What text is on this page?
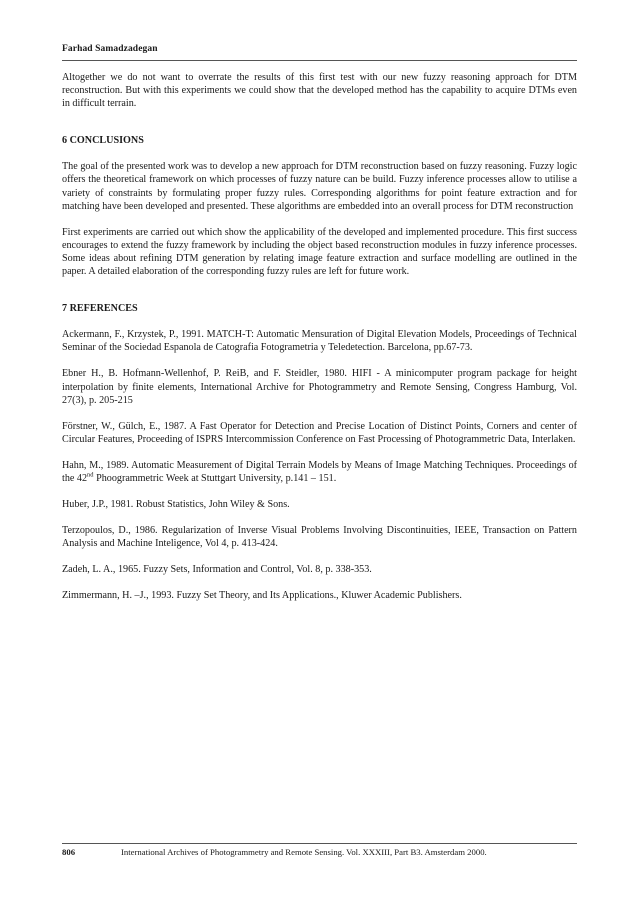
Farhad Samadzadegan

Altogether we do not want to overrate the results of this first test with our new fuzzy reasoning approach for DTM reconstruction. But with this experiments we could show that the developed method has the capability to acquire DTMs even in difficult terrain.

6 CONCLUSIONS

The goal of the presented work was to develop a new approach for DTM reconstruction based on fuzzy reasoning. Fuzzy logic offers the theoretical framework on which processes of fuzzy nature can be build. Fuzzy inference processes allow to utilise a variety of constraints by formulating proper fuzzy rules. Corresponding algorithms for point feature extraction and for matching have been developed and presented. These algorithms are embedded into an overall process for DTM reconstruction

First experiments are carried out which show the applicability of the developed and implemented procedure. This first success encourages to extend the fuzzy framework by including the object based reconstruction modules in fuzzy inference processes. Some ideas about refining DTM generation by relating image feature extraction and surface modelling are outlined in the paper. A detailed elaboration of the corresponding fuzzy rules are left for future work.

7 REFERENCES

Ackermann, F., Krzystek, P., 1991. MATCH-T: Automatic Mensuration of Digital Elevation Models, Proceedings of Technical Seminar of the Sociedad Espanola de Catografia Fotogrametria y Teledetection. Barcelona, pp.67-73.

Ebner H., B. Hofmann-Wellenhof, P. ReiB, and F. Steidler, 1980. HIFI - A minicomputer program package for height interpolation by finite elements, International Archive for Photogrammetry and Remote Sensing, Congress Hamburg, Vol. 27(3), p. 205-215

Förstner, W., Gülch, E., 1987. A Fast Operator for Detection and Precise Location of Distinct Points, Corners and center of Circular Features, Proceeding of ISPRS Intercommission Conference on Fast Processing of Photogrammetric Data, Interlaken.

Hahn, M., 1989. Automatic Measurement of Digital Terrain Models by Means of Image Matching Techniques. Proceedings of the 42nd Phoogrammetric Week at Stuttgart University, p.141 – 151.

Huber, J.P., 1981. Robust Statistics, John Wiley & Sons.

Terzopoulos, D., 1986. Regularization of Inverse Visual Problems Involving Discontinuities, IEEE, Transaction on Pattern Analysis and Machine Inteligence, Vol 4, p. 413-424.

Zadeh, L. A., 1965. Fuzzy Sets, Information and Control, Vol. 8, p. 338-353.

Zimmermann, H. –J., 1993. Fuzzy Set Theory, and Its Applications., Kluwer Academic Publishers.

806	International Archives of Photogrammetry and Remote Sensing. Vol. XXXIII, Part B3. Amsterdam 2000.
